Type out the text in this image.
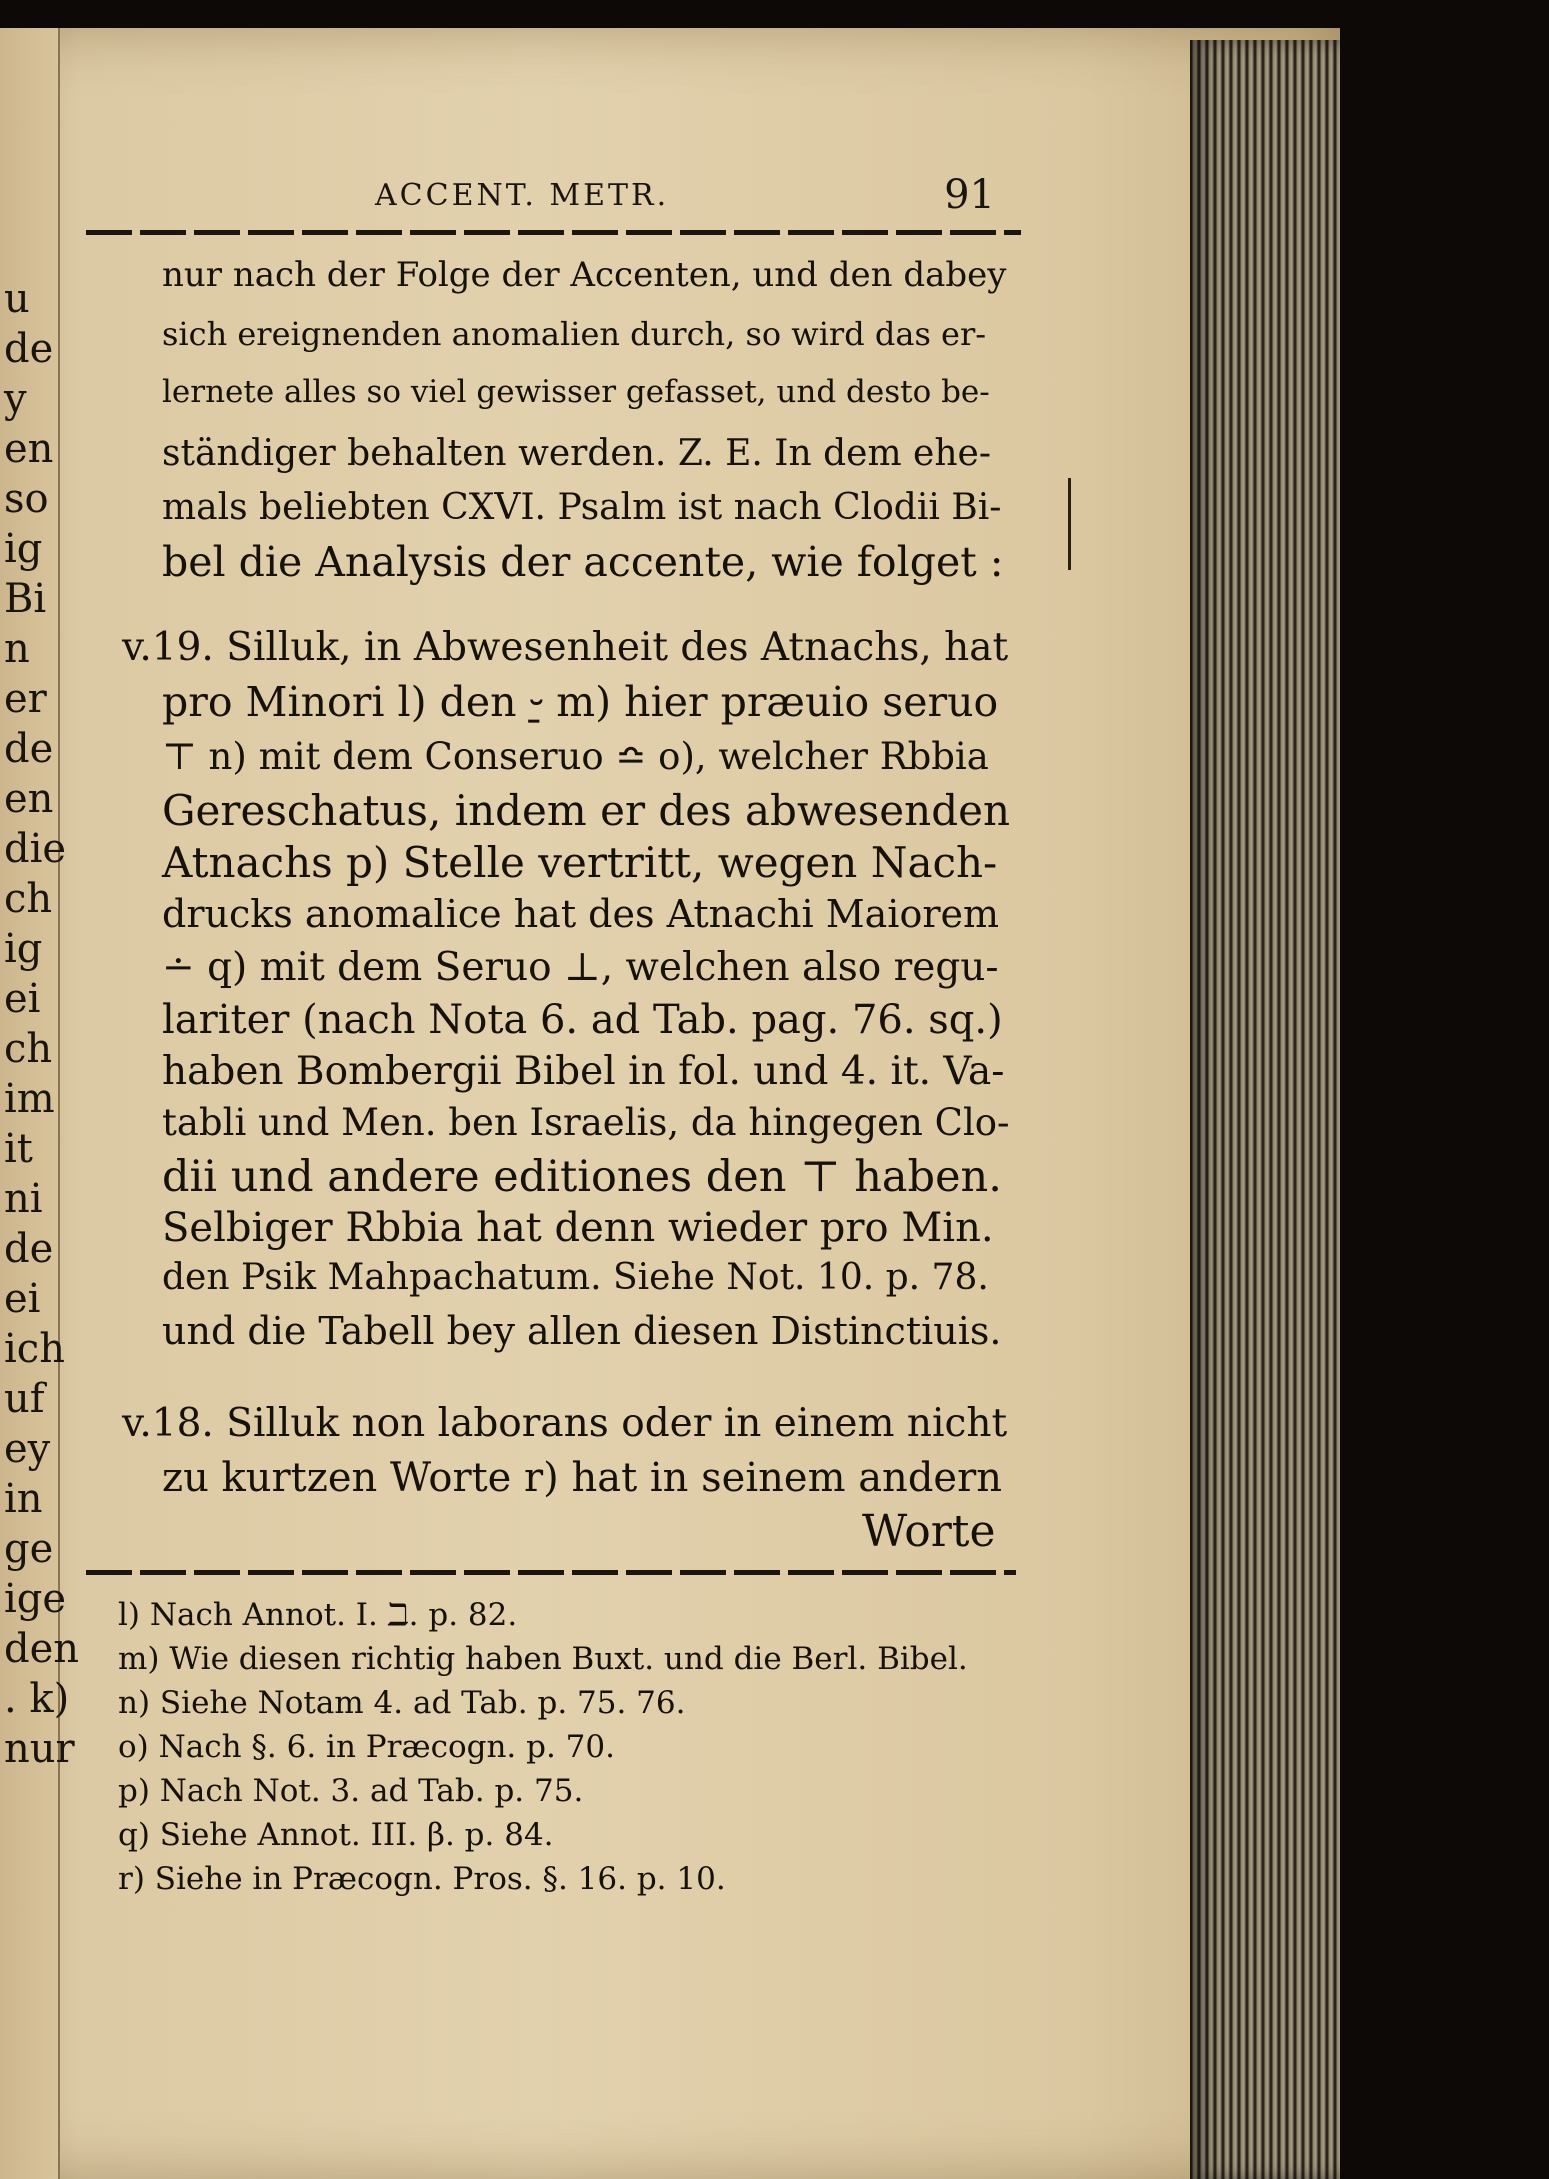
u
de
y
en
so
ig
Bi
n
er
de
en
die
ch
ig
ei
ch
im
it
ni
de
ei
ich
uf
ey
in
ge
ige
den
. k)
nur
ACCENT. METR.	91
nur nach der Folge der Accenten, und den dabey
sich ereignenden anomalien durch, so wird das er-
lernete alles so viel gewisser gefasset, und desto be-
ständiger behalten werden. Z. E. In dem ehe-
mals beliebten CXVI. Psalm ist nach Clodii Bi-
bel die Analysis der accente, wie folget :
v.19. Silluk, in Abwesenheit des Atnachs, hat
pro Minori l) den ⏑̱ m) hier præuio seruo
⊤ n) mit dem Conseruo ≏ o), welcher Rbbia
Gereschatus, indem er des abwesenden
Atnachs p) Stelle vertritt, wegen Nach-
drucks anomalice hat des Atnachi Maiorem
∸ q) mit dem Seruo ⊥, welchen also regu-
lariter (nach Nota 6. ad Tab. pag. 76. sq.)
haben Bombergii Bibel in fol. und 4. it. Va-
tabli und Men. ben Israelis, da hingegen Clo-
dii und andere editiones den ⊤ haben.
Selbiger Rbbia hat denn wieder pro Min.
den Psik Mahpachatum. Siehe Not. 10. p. 78.
und die Tabell bey allen diesen Distinctiuis.
v.18. Silluk non laborans oder in einem nicht
zu kurtzen Worte r) hat in seinem andern
Worte
l) Nach Annot. I. ℶ. p. 82.
m) Wie diesen richtig haben Buxt. und die Berl. Bibel.
n) Siehe Notam 4. ad Tab. p. 75. 76.
o) Nach §. 6. in Præcogn. p. 70.
p) Nach Not. 3. ad Tab. p. 75.
q) Siehe Annot. III. β. p. 84.
r) Siehe in Præcogn. Pros. §. 16. p. 10.
